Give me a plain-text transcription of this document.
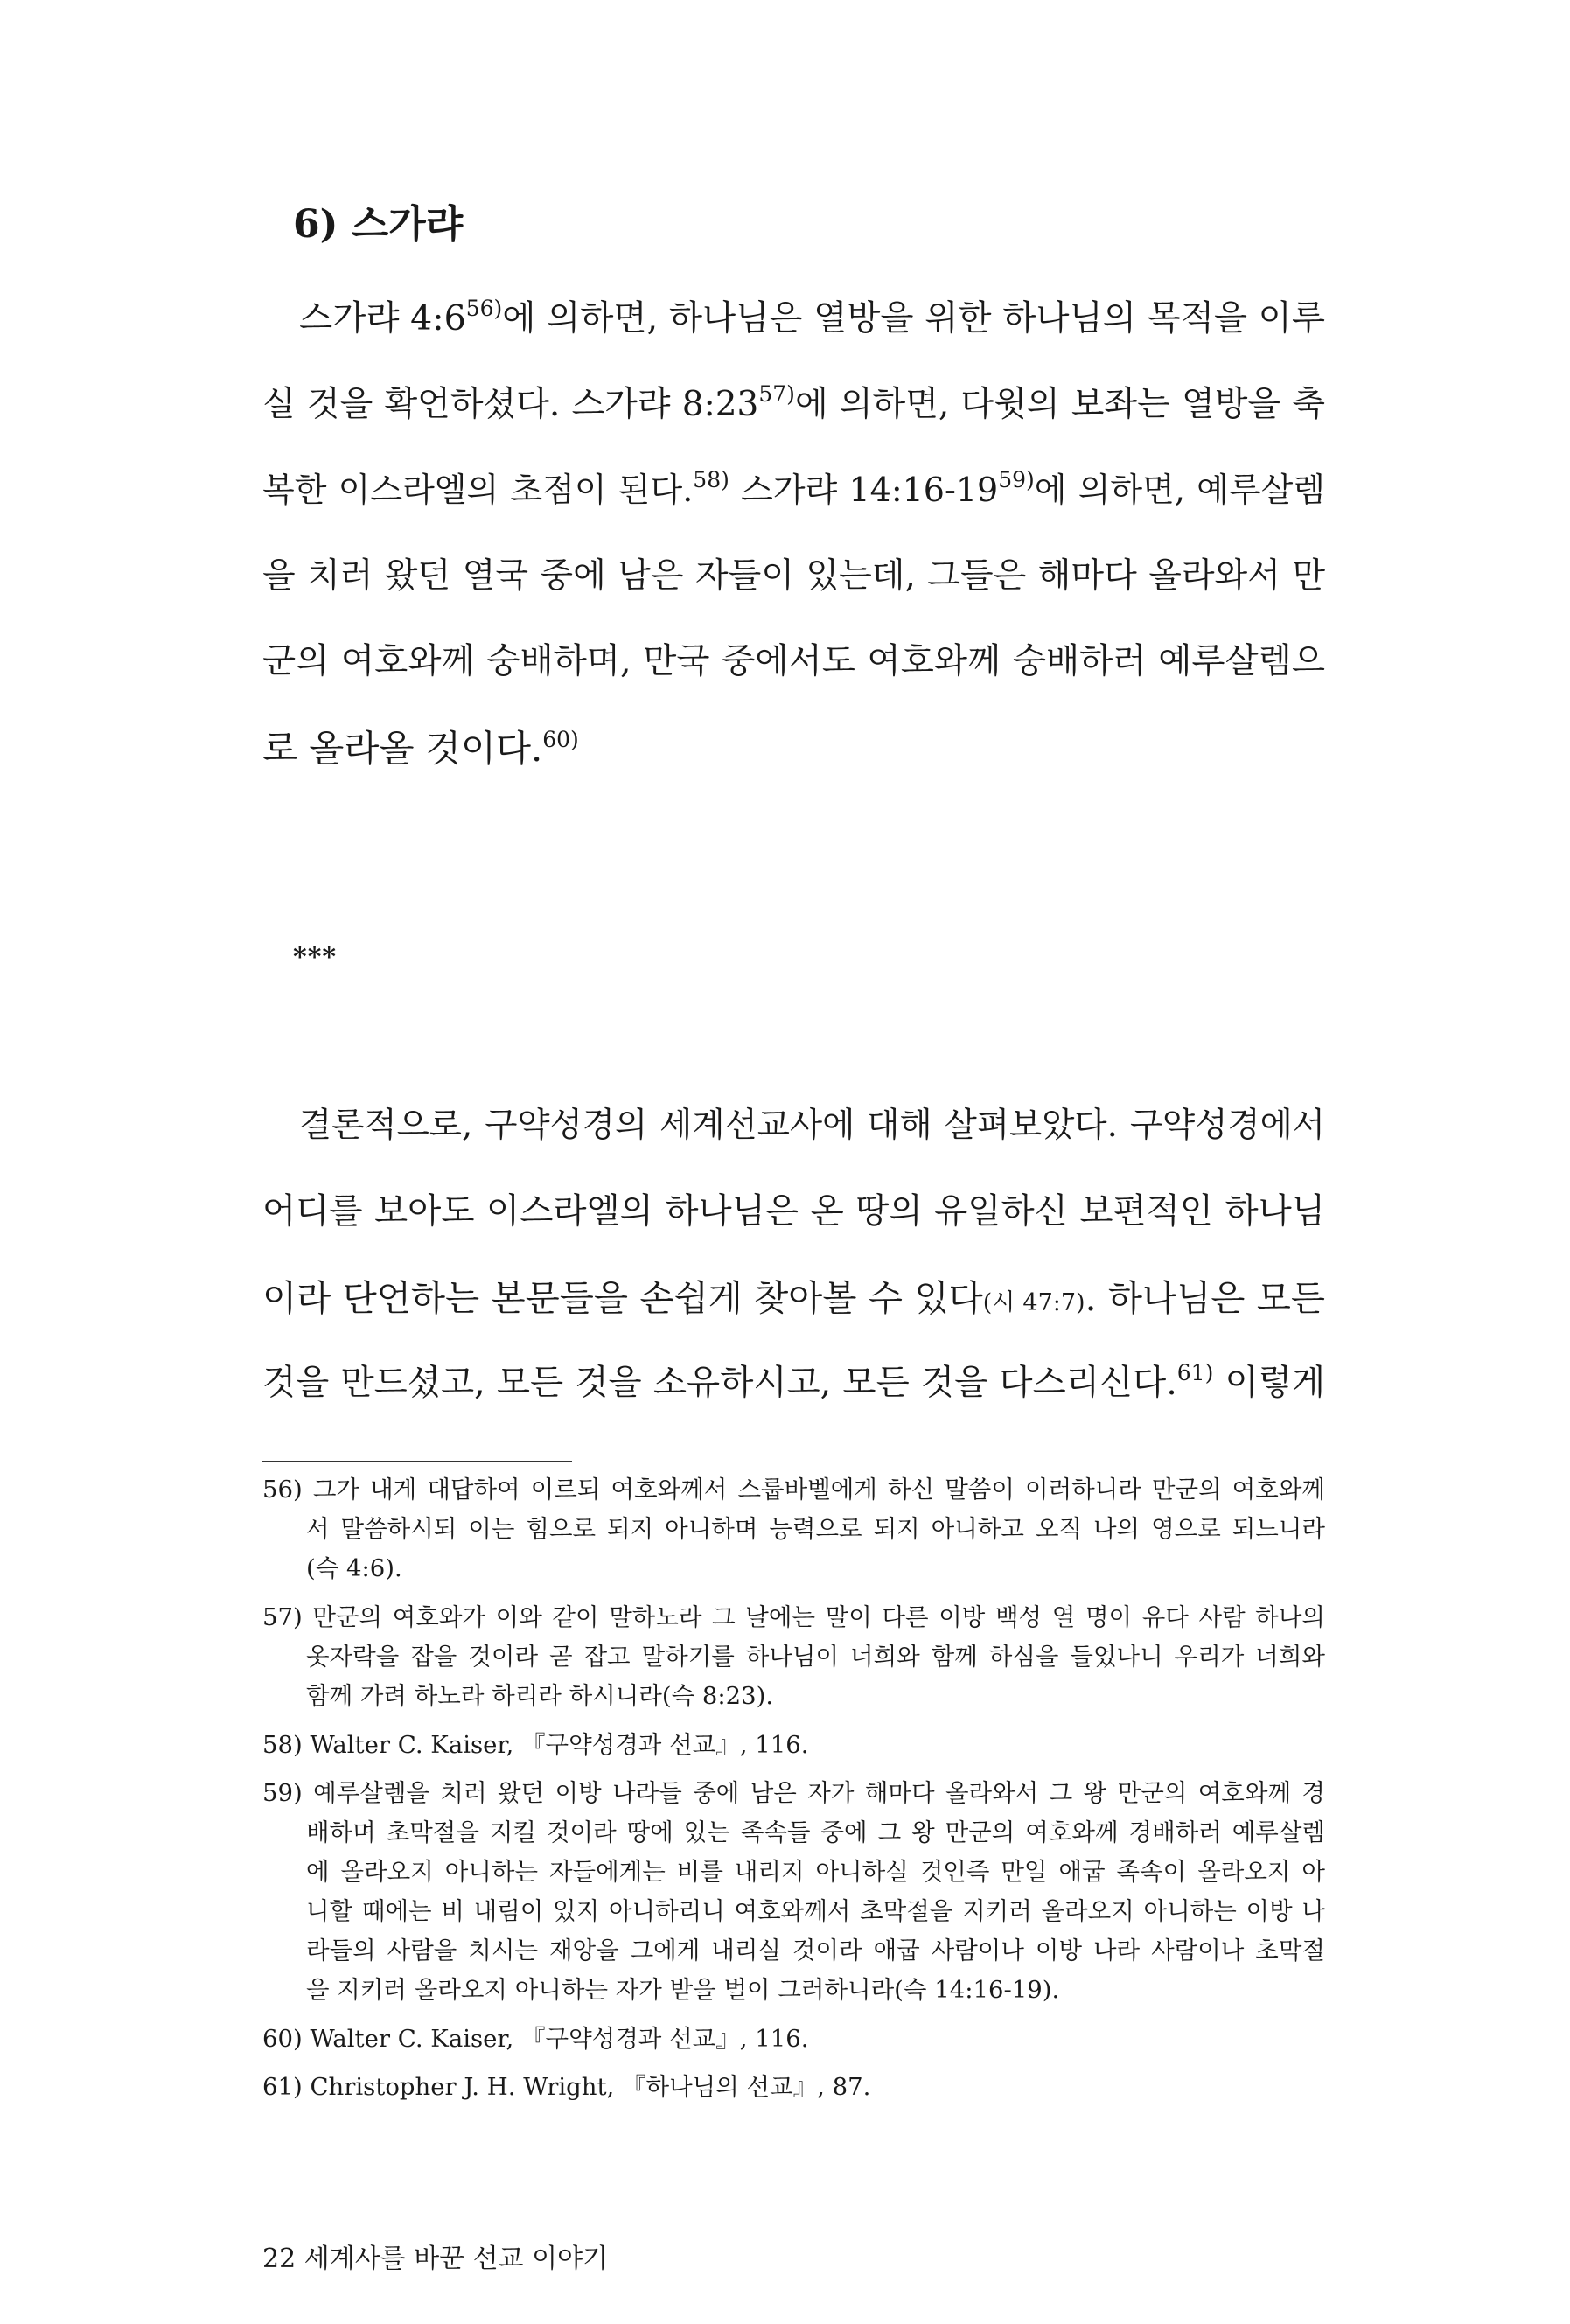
6) 스가랴
스가랴 4:6$^{56)}$에 의하면, 하나님은 열방을 위한 하나님의 목적을 이루
실 것을 확언하셨다. 스가랴 8:23$^{57)}$에 의하면, 다윗의 보좌는 열방을 축
복한 이스라엘의 초점이 된다.$^{58)}$ 스가랴 14:16-19$^{59)}$에 의하면, 예루살렘
을 치러 왔던 열국 중에 남은 자들이 있는데, 그들은 해마다 올라와서 만
군의 여호와께 숭배하며, 만국 중에서도 여호와께 숭배하러 예루살렘으
로 올라올 것이다.$^{60)}$
***
결론적으로, 구약성경의 세계선교사에 대해 살펴보았다. 구약성경에서
어디를 보아도 이스라엘의 하나님은 온 땅의 유일하신 보편적인 하나님
이라 단언하는 본문들을 손쉽게 찾아볼 수 있다(시 47:7). 하나님은 모든
것을 만드셨고, 모든 것을 소유하시고, 모든 것을 다스리신다.$^{61)}$ 이렇게
56) 그가 내게 대답하여 이르되 여호와께서 스룹바벨에게 하신 말씀이 이러하니라 만군의 여호와께
서 말씀하시되 이는 힘으로 되지 아니하며 능력으로 되지 아니하고 오직 나의 영으로 되느니라
(슥 4:6).
57) 만군의 여호와가 이와 같이 말하노라 그 날에는 말이 다른 이방 백성 열 명이 유다 사람 하나의
옷자락을 잡을 것이라 곧 잡고 말하기를 하나님이 너희와 함께 하심을 들었나니 우리가 너희와
함께 가려 하노라 하리라 하시니라(슥 8:23).
58) Walter C. Kaiser, 『구약성경과 선교』, 116.
59) 예루살렘을 치러 왔던 이방 나라들 중에 남은 자가 해마다 올라와서 그 왕 만군의 여호와께 경
배하며 초막절을 지킬 것이라 땅에 있는 족속들 중에 그 왕 만군의 여호와께 경배하러 예루살렘
에 올라오지 아니하는 자들에게는 비를 내리지 아니하실 것인즉 만일 애굽 족속이 올라오지 아
니할 때에는 비 내림이 있지 아니하리니 여호와께서 초막절을 지키러 올라오지 아니하는 이방 나
라들의 사람을 치시는 재앙을 그에게 내리실 것이라 애굽 사람이나 이방 나라 사람이나 초막절
을 지키러 올라오지 아니하는 자가 받을 벌이 그러하니라(슥 14:16-19).
60) Walter C. Kaiser, 『구약성경과 선교』, 116.
61) Christopher J. H. Wright, 『하나님의 선교』, 87.
22 세계사를 바꾼 선교 이야기
